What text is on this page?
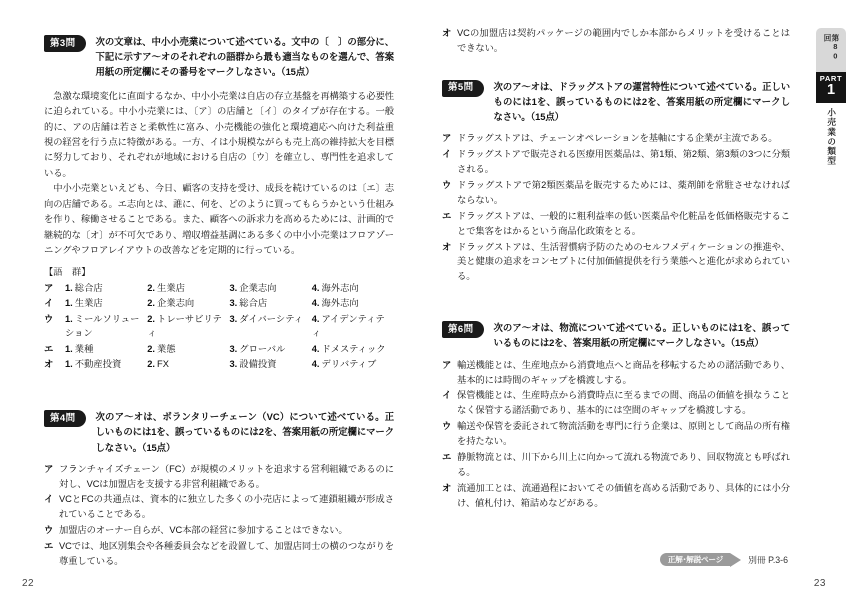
第3問	次の文章は、中小小売業について述べている。文中の〔　〕の部分に、下記に示すア～オのそれぞれの語群から最も適当なものを選んで、答案用紙の所定欄にその番号をマークしなさい。（15点）

急激な環境変化に直面するなか、中小小売業は自店の存立基盤を再構築する必要性に迫られている。中小小売業には、〔ア〕の店舗と〔イ〕のタイプが存在する。一般的に、アの店舗は若さと柔軟性に富み、小売機能の強化と環境適応へ向けた利益重視の経営を行う点に特徴がある。一方、イは小規模ながらも売上高の維持拡大を目標に努力しており、それぞれが地域における自店の〔ウ〕を確立し、専門性を追求している。

中小小売業といえども、今日、顧客の支持を受け、成長を続けているのは〔エ〕志向の店舗である。エ志向とは、誰に、何を、どのように買ってもらうかという仕組みを作り、稼働させることである。また、顧客への訴求力を高めるためには、計画的で継続的な〔オ〕が不可欠であり、増収増益基調にある多くの中小小売業はフロアゾーニングやフロアレイアウトの改善などを定期的に行っている。

【語　群】
ア	1. 総合店	2. 生業店	3. 企業志向	4. 海外志向
イ	1. 生業店	2. 企業志向	3. 総合店	4. 海外志向
ウ	1. ミールソリューション	2. トレーサビリティ	3. ダイバーシティ	4. アイデンティティ
エ	1. 業種	2. 業態	3. グローバル	4. ドメスティック
オ	1. 不動産投資	2. FX	3. 設備投資	4. デリバティブ
第4問	次のア～オは、ボランタリーチェーン（VC）について述べている。正しいものには1を、誤っているものには2を、答案用紙の所定欄にマークしなさい。（15点）
ア フランチャイズチェーン（FC）が規模のメリットを追求する営利組織であるのに対し、VCは加盟店を支援する非営利組織である。
イ VCとFCの共通点は、資本的に独立した多くの小売店によって連鎖組織が形成されていることである。
ウ 加盟店のオーナー自らが、VC本部の経営に参加することはできない。
エ VCでは、地区別集会や各種委員会などを設置して、加盟店同士の横のつながりを尊重している。
22
オ VCの加盟店は契約パッケージの範囲内でしか本部からメリットを受けることはできない。
第5問	次のア～オは、ドラッグストアの運営特性について述べている。正しいものには1を、誤っているものには2を、答案用紙の所定欄にマークしなさい。（15点）
ア ドラッグストアは、チェーンオペレーションを基軸にする企業が主流である。
イ ドラッグストアで販売される医療用医薬品は、第1類、第2類、第3類の3つに分類される。
ウ ドラッグストアで第2類医薬品を販売するためには、薬剤師を常駐させなければならない。
エ ドラッグストアは、一般的に粗利益率の低い医薬品や化粧品を低価格販売することで集客をはかるという商品化政策をとる。
オ ドラッグストアは、生活習慣病予防のためのセルフメディケーションの推進や、美と健康の追求をコンセプトに付加価値提供を行う業態へと進化が求められている。
第6問	次のア～オは、物流について述べている。正しいものには1を、誤っているものには2を、答案用紙の所定欄にマークしなさい。（15点）
ア 輸送機能とは、生産地点から消費地点へと商品を移転するための諸活動であり、基本的には時間のギャップを橋渡しする。
イ 保管機能とは、生産時点から消費時点に至るまでの間、商品の価値を損なうことなく保管する諸活動であり、基本的には空間のギャップを橋渡しする。
ウ 輸送や保管を委託されて物流活動を専門に行う企業は、原則として商品の所有権を持たない。
エ 静脈物流とは、川下から川上に向かって流れる物流であり、回収物流とも呼ばれる。
オ 流通加工とは、流通過程においてその価値を高める活動であり、具体的には小分け、値札付け、箱詰めなどがある。
正解･解説ページ	別冊 P.3-6
23
第80回
PART
1
小売業の類型
